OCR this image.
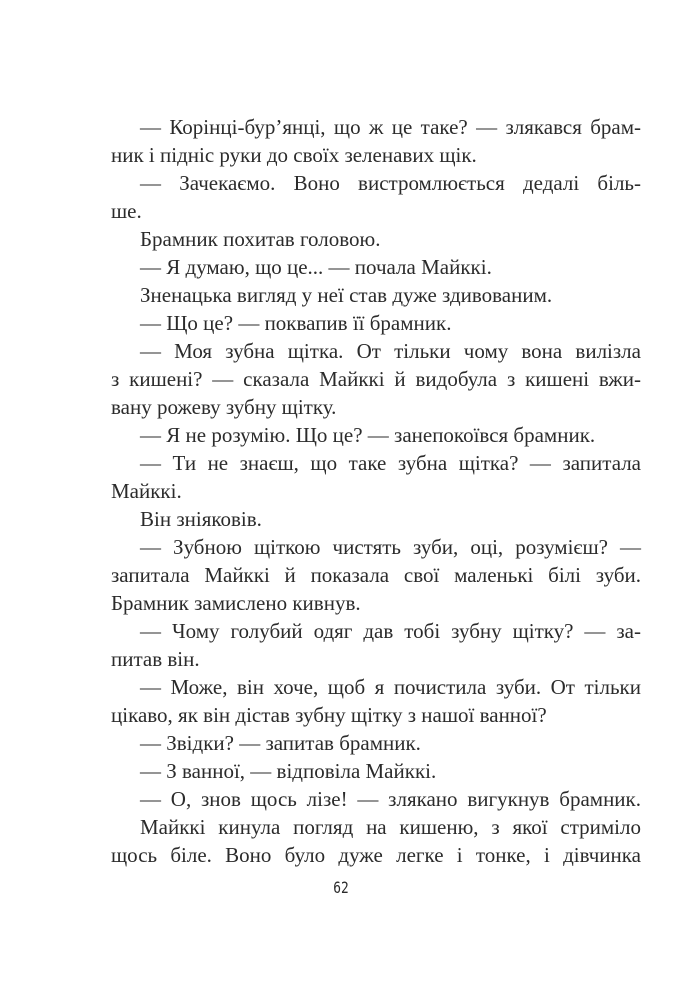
— Корінці-бур’янці, що ж це таке? — злякався брам-
ник і підніс руки до своїх зеленавих щік.
— Зачекаємо. Воно вистромлюється дедалі біль-
ше.
Брамник похитав головою.
— Я думаю, що це... — почала Майккі.
Зненацька вигляд у неї став дуже здивованим.
— Що це? — поквапив її брамник.
— Моя зубна щітка. От тільки чому вона вилізла
з кишені? — сказала Майккі й видобула з кишені вжи-
вану рожеву зубну щітку.
— Я не розумію. Що це? — занепокоївся брамник.
— Ти не знаєш, що таке зубна щітка? — запитала
Майккі.
Він зніяковів.
— Зубною щіткою чистять зуби, оці, розумієш? —
запитала Майккі й показала свої маленькі білі зуби.
Брамник замислено кивнув.
— Чому голубий одяг дав тобі зубну щітку? — за-
питав він.
— Може, він хоче, щоб я почистила зуби. От тільки
цікаво, як він дістав зубну щітку з нашої ванної?
— Звідки? — запитав брамник.
— З ванної, — відповіла Майккі.
— О, знов щось лізе! — злякано вигукнув брамник.
Майккі кинула погляд на кишеню, з якої стриміло
щось біле. Воно було дуже легке і тонке, і дівчинка
62
